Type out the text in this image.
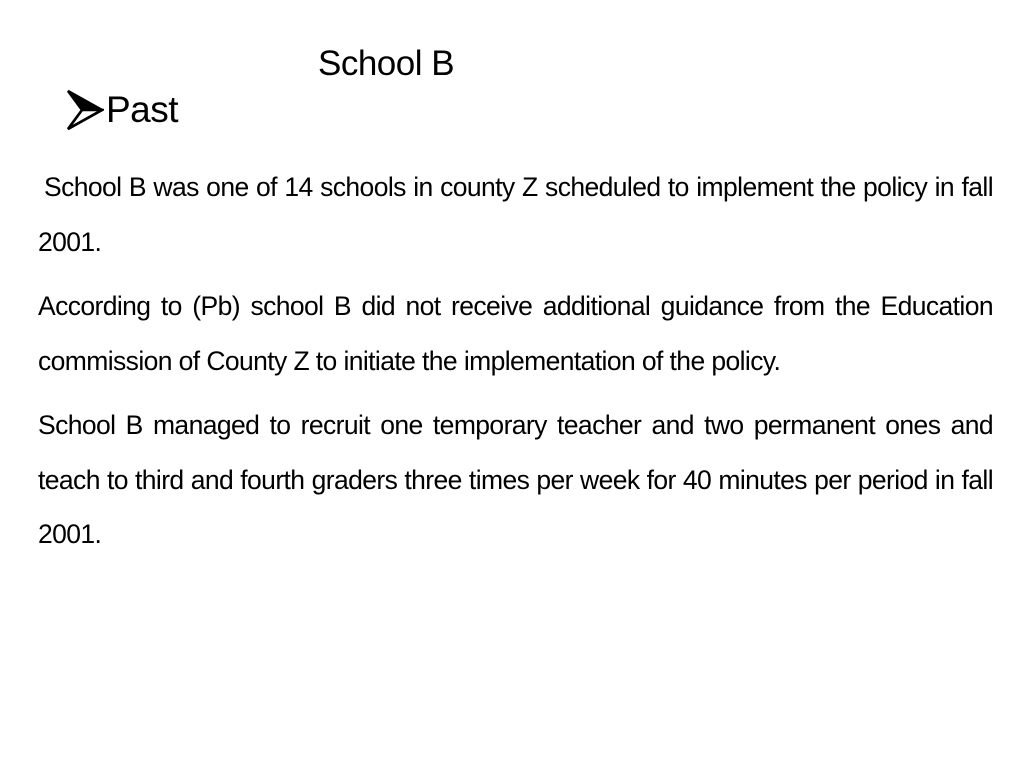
School B
Past

School B was one of 14 schools in county Z scheduled to implement the policy in fall 2001.

According to (Pb) school B did not receive additional guidance from the Education commission of County Z to initiate the implementation of the policy.

School B managed to recruit one temporary teacher and two permanent ones and teach to third and fourth graders three times per week for 40 minutes per period in fall 2001.
